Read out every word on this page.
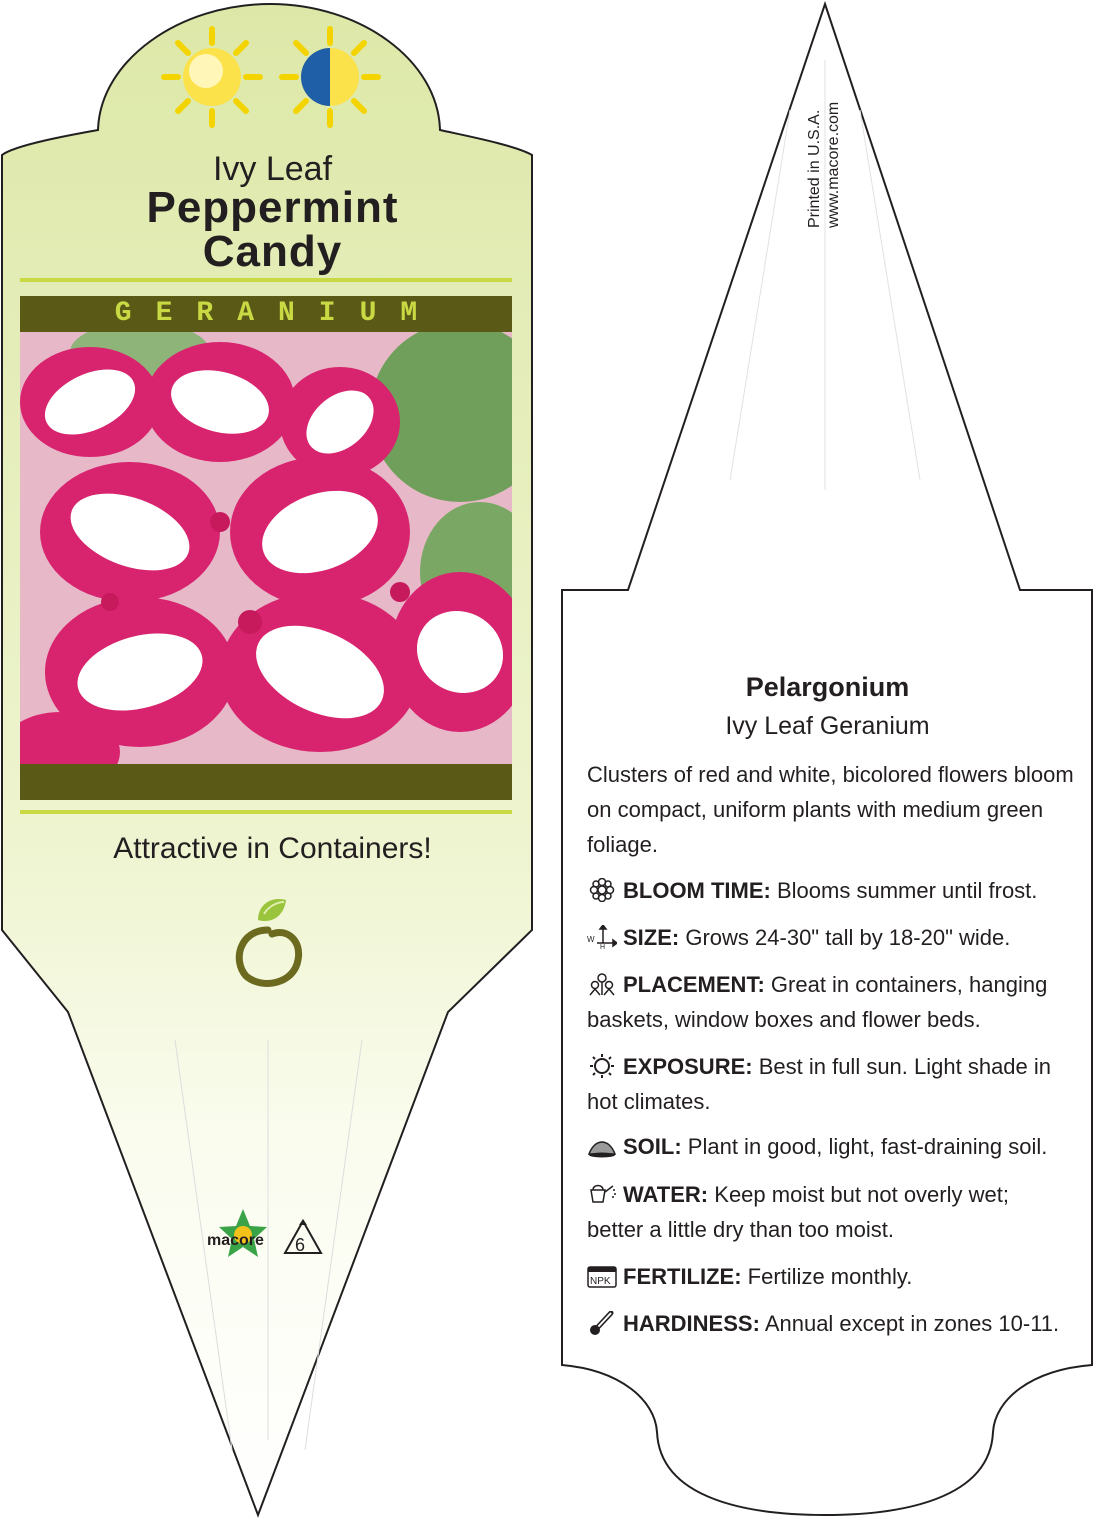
Ivy Leaf
Peppermint
Candy
GERANIUM
Attractive in Containers!
macore 6
Printed in U.S.A. www.macore.com
Pelargonium
Ivy Leaf Geranium
Clusters of red and white, bicolored flowers bloom on compact, uniform plants with medium green foliage.
BLOOM TIME: Blooms summer until frost.
W
H SIZE: Grows 24-30" tall by 18-20" wide.
PLACEMENT: Great in containers, hanging baskets, window boxes and flower beds.
EXPOSURE: Best in full sun. Light shade in hot climates.
SOIL: Plant in good, light, fast-draining soil.
WATER: Keep moist but not overly wet; better a little dry than too moist.
NPK FERTILIZE: Fertilize monthly.
HARDINESS: Annual except in zones 10-11.
